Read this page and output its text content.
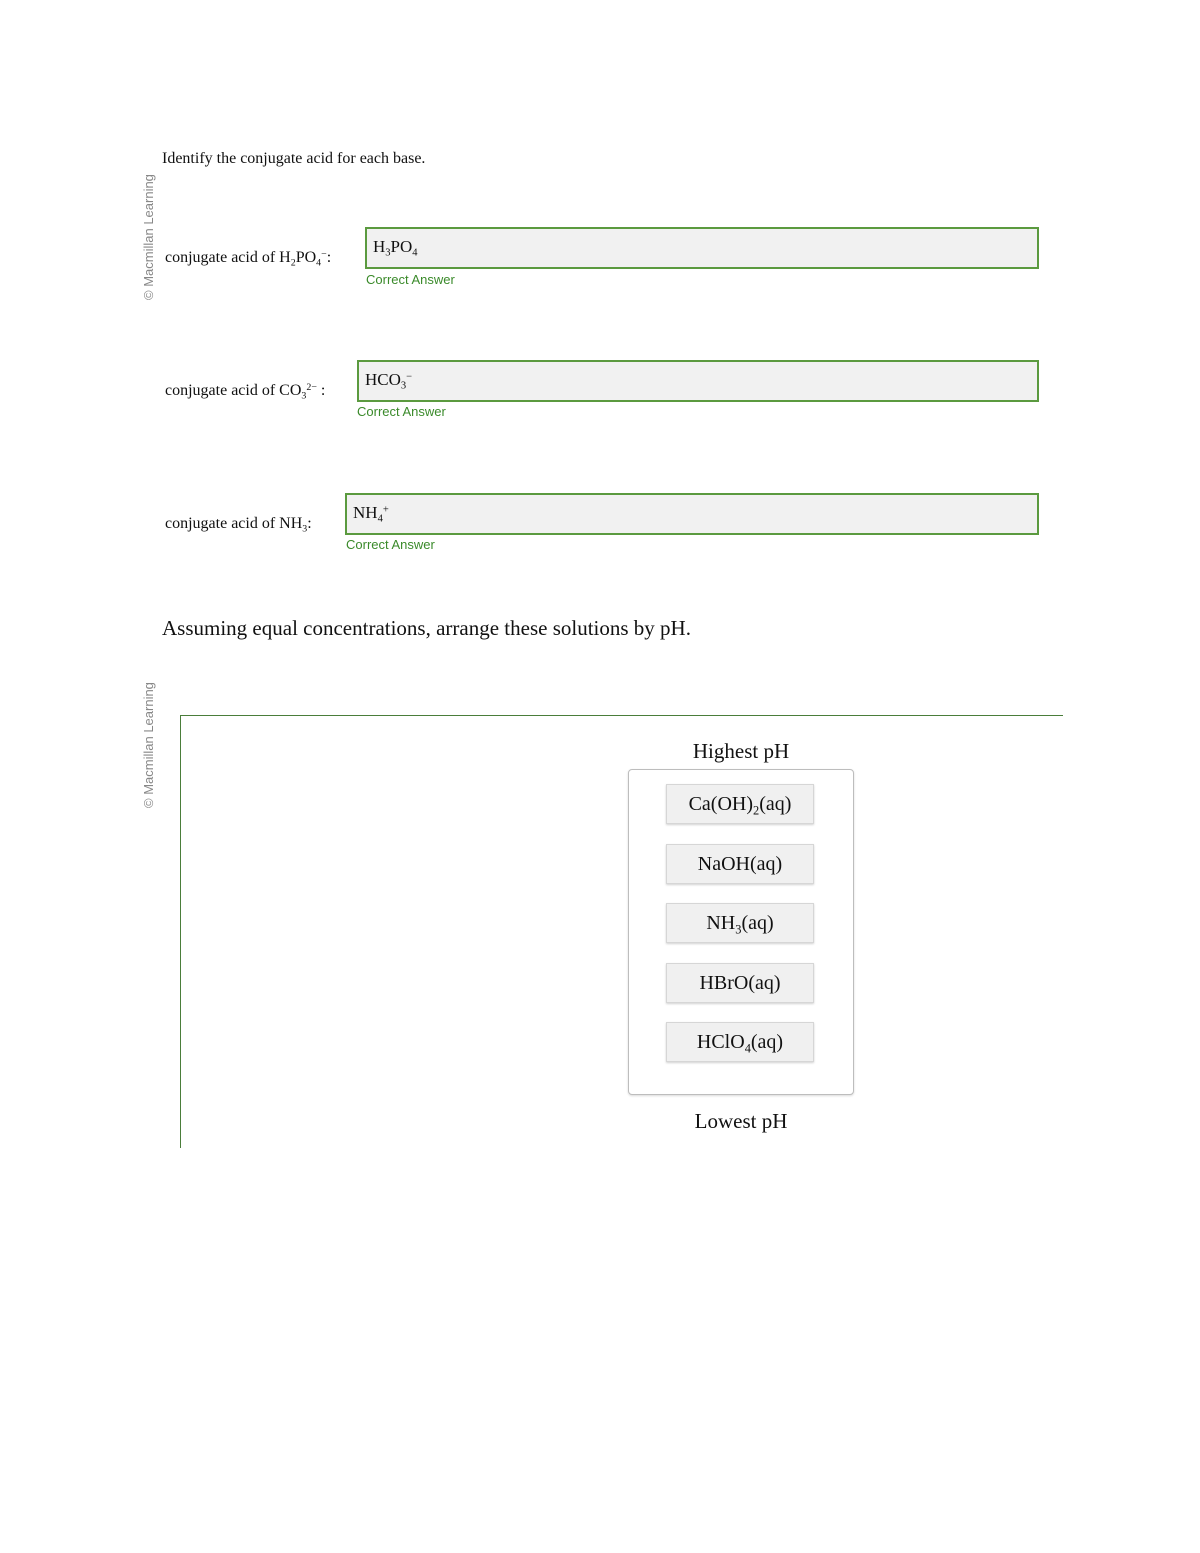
© Macmillan Learning
© Macmillan Learning
Identify the conjugate acid for each base.
conjugate acid of $H_2PO_4^-$:
$H_3PO_4$
Correct Answer
conjugate acid of $CO_3^{2-}$ :
$HCO_3^-$
Correct Answer
conjugate acid of $NH_3$:
$NH_4^+$
Correct Answer
Assuming equal concentrations, arrange these solutions by pH.
Highest pH
$Ca(OH)_2(aq)$
NaOH(aq)
$NH_3(aq)$
HBrO(aq)
HClO$_4$(aq)
Lowest pH
